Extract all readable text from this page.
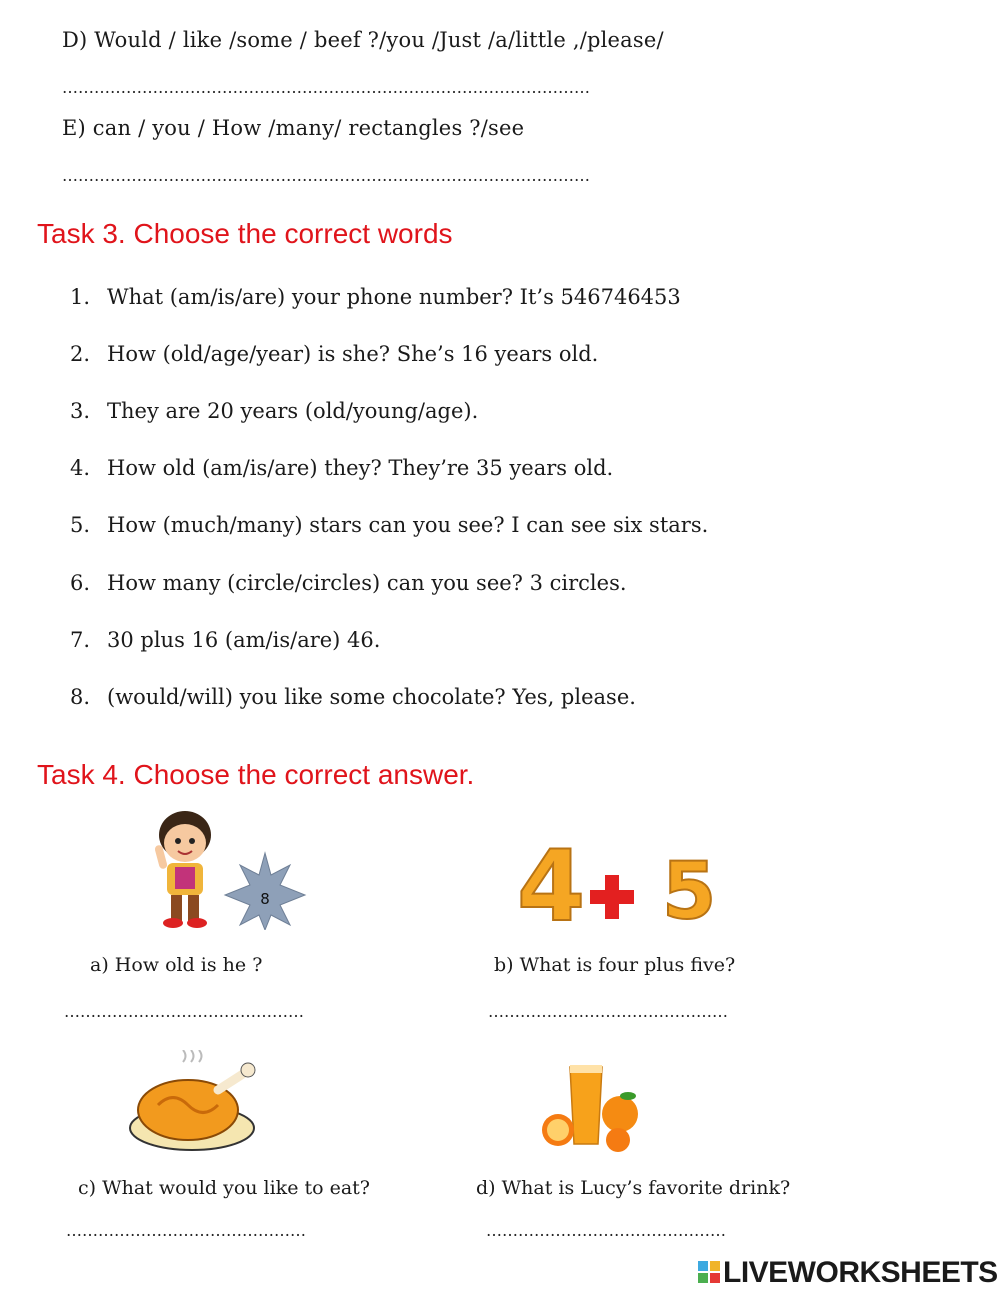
D) Would / like /some / beef ?/you /Just /a/little ,/please/
………………………………………………………………………………………
E) can / you / How /many/ rectangles ?/see
………………………………………………………………………………………
Task 3. Choose the correct words
1. What (am/is/are) your phone number? It’s 546746453
2. How (old/age/year) is she? She’s 16 years old.
3. They are 20 years (old/young/age).
4. How old (am/is/are) they? They’re 35 years old.
5. How (much/many) stars can you see? I can see six stars.
6. How many (circle/circles) can you see? 3 circles.
7. 30 plus 16 (am/is/are) 46.
8. (would/will) you like some chocolate? Yes, please.
Task 4. Choose the correct answer.
8	4 5
a) How old is he ?	b) What is four plus five?
………………………………………	………………………………………
c) What would you like to eat?	d) What is Lucy’s favorite drink?
………………………………………	………………………………………
LIVEWORKSHEETS
